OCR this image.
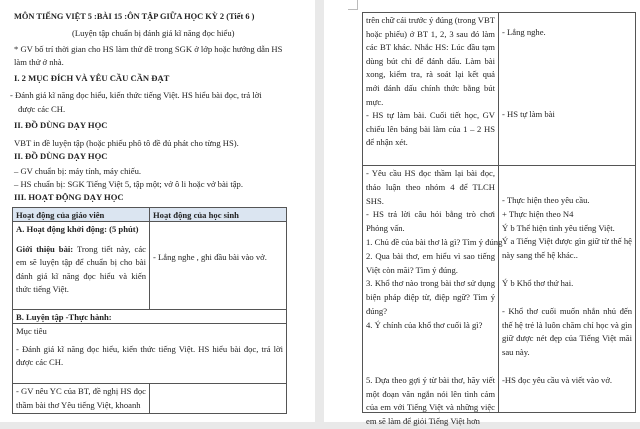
MÔN TIẾNG VIỆT 5 :BÀI 15 :ÔN TẬP GIỮA HỌC KỲ 2 (Tiết 6 )
(Luyện tập chuẩn bị đánh giá kĩ năng đọc hiểu)
* GV bố trí thời gian cho HS làm thử đề trong SGK ở lớp hoặc hướng dẫn HS
làm thử ở nhà.
I. 2 MỤC ĐÍCH VÀ YÊU CẦU CẦN ĐẠT
- Đánh giá kĩ năng đọc hiểu, kiến thức tiếng Việt. HS hiểu bài đọc, trả lời
được các CH.
II. ĐỒ DÙNG DẠY HỌC
VBT in đề luyện tập (hoặc phiếu phô tô đề đủ phát cho từng HS).
II. ĐỒ DÙNG DẠY HỌC
– GV chuẩn bị: máy tính, máy chiếu.
– HS chuẩn bị: SGK Tiếng Việt 5, tập một; vở ô li hoặc vở bài tập.
III. HOẠT ĐỘNG DẠY HỌC
Hoạt động của giáo viên	Hoạt động của học sinh
A. Hoạt động khởi động: (5 phút)
Giới thiệu bài: Trong tiết này, các em sẽ luyện tập để chuẩn bị cho bài đánh giá kĩ năng đọc hiểu và kiến thức tiếng Việt.
- Lắng nghe , ghi đầu bài vào vở.
B. Luyện tập -Thực hành:
Mục tiêu
- Đánh giá kĩ năng đọc hiểu, kiến thức tiếng Việt. HS hiểu bài đọc, trả lời được các CH.
- GV nêu YC của BT, đề nghị HS đọc thầm bài thơ Yêu tiếng Việt, khoanh
trên chữ cái trước ý đúng (trong VBT hoặc phiếu) ở BT 1, 2, 3 sau đó làm các BT khác. Nhắc HS: Lúc đầu tạm dùng bút chì để đánh dấu. Làm bài xong, kiểm tra, rà soát lại kết quả mới đánh dấu chính thức bằng bút mực.
- HS tự làm bài. Cuối tiết học, GV chiếu lên bảng bài làm của 1 – 2 HS để nhận xét.
- Lắng nghe.
- HS tự làm bài
- Yêu cầu HS đọc thầm lại bài đọc, thảo luận theo nhóm 4 để TLCH SHS.
- HS trả lời câu hỏi bằng trò chơi Phỏng vấn.
1. Chủ đề của bài thơ là gì? Tìm ý đúng
2. Qua bài thơ, em hiểu vì sao tiếng Việt còn mãi? Tìm ý đúng.
3. Khổ thơ nào trong bài thơ sử dụng biện pháp điệp từ, điệp ngữ? Tìm ý đúng?
4. Ý chính của khổ thơ cuối là gì?
5. Dựa theo gợi ý từ bài thơ, hãy viết một đoạn văn ngắn nói lên tình cảm của em với Tiếng Việt và những việc em sẽ làm để giỏi Tiếng Việt hơn
- Thực hiện theo yêu cầu.
+ Thực hiện theo N4
Ý b Thể hiện tình yêu tiếng Việt.
Ý a Tiếng Việt được gìn giữ từ thế hệ này sang thế hệ khác..
Ý b Khổ thơ thứ hai.
- Khổ thơ cuối muốn nhắn nhủ đến thế hệ trẻ là luôn chăm chỉ học và gìn giữ được nét đẹp của Tiếng Việt mãi sau này.
-HS đọc yêu cầu và viết vào vở.
